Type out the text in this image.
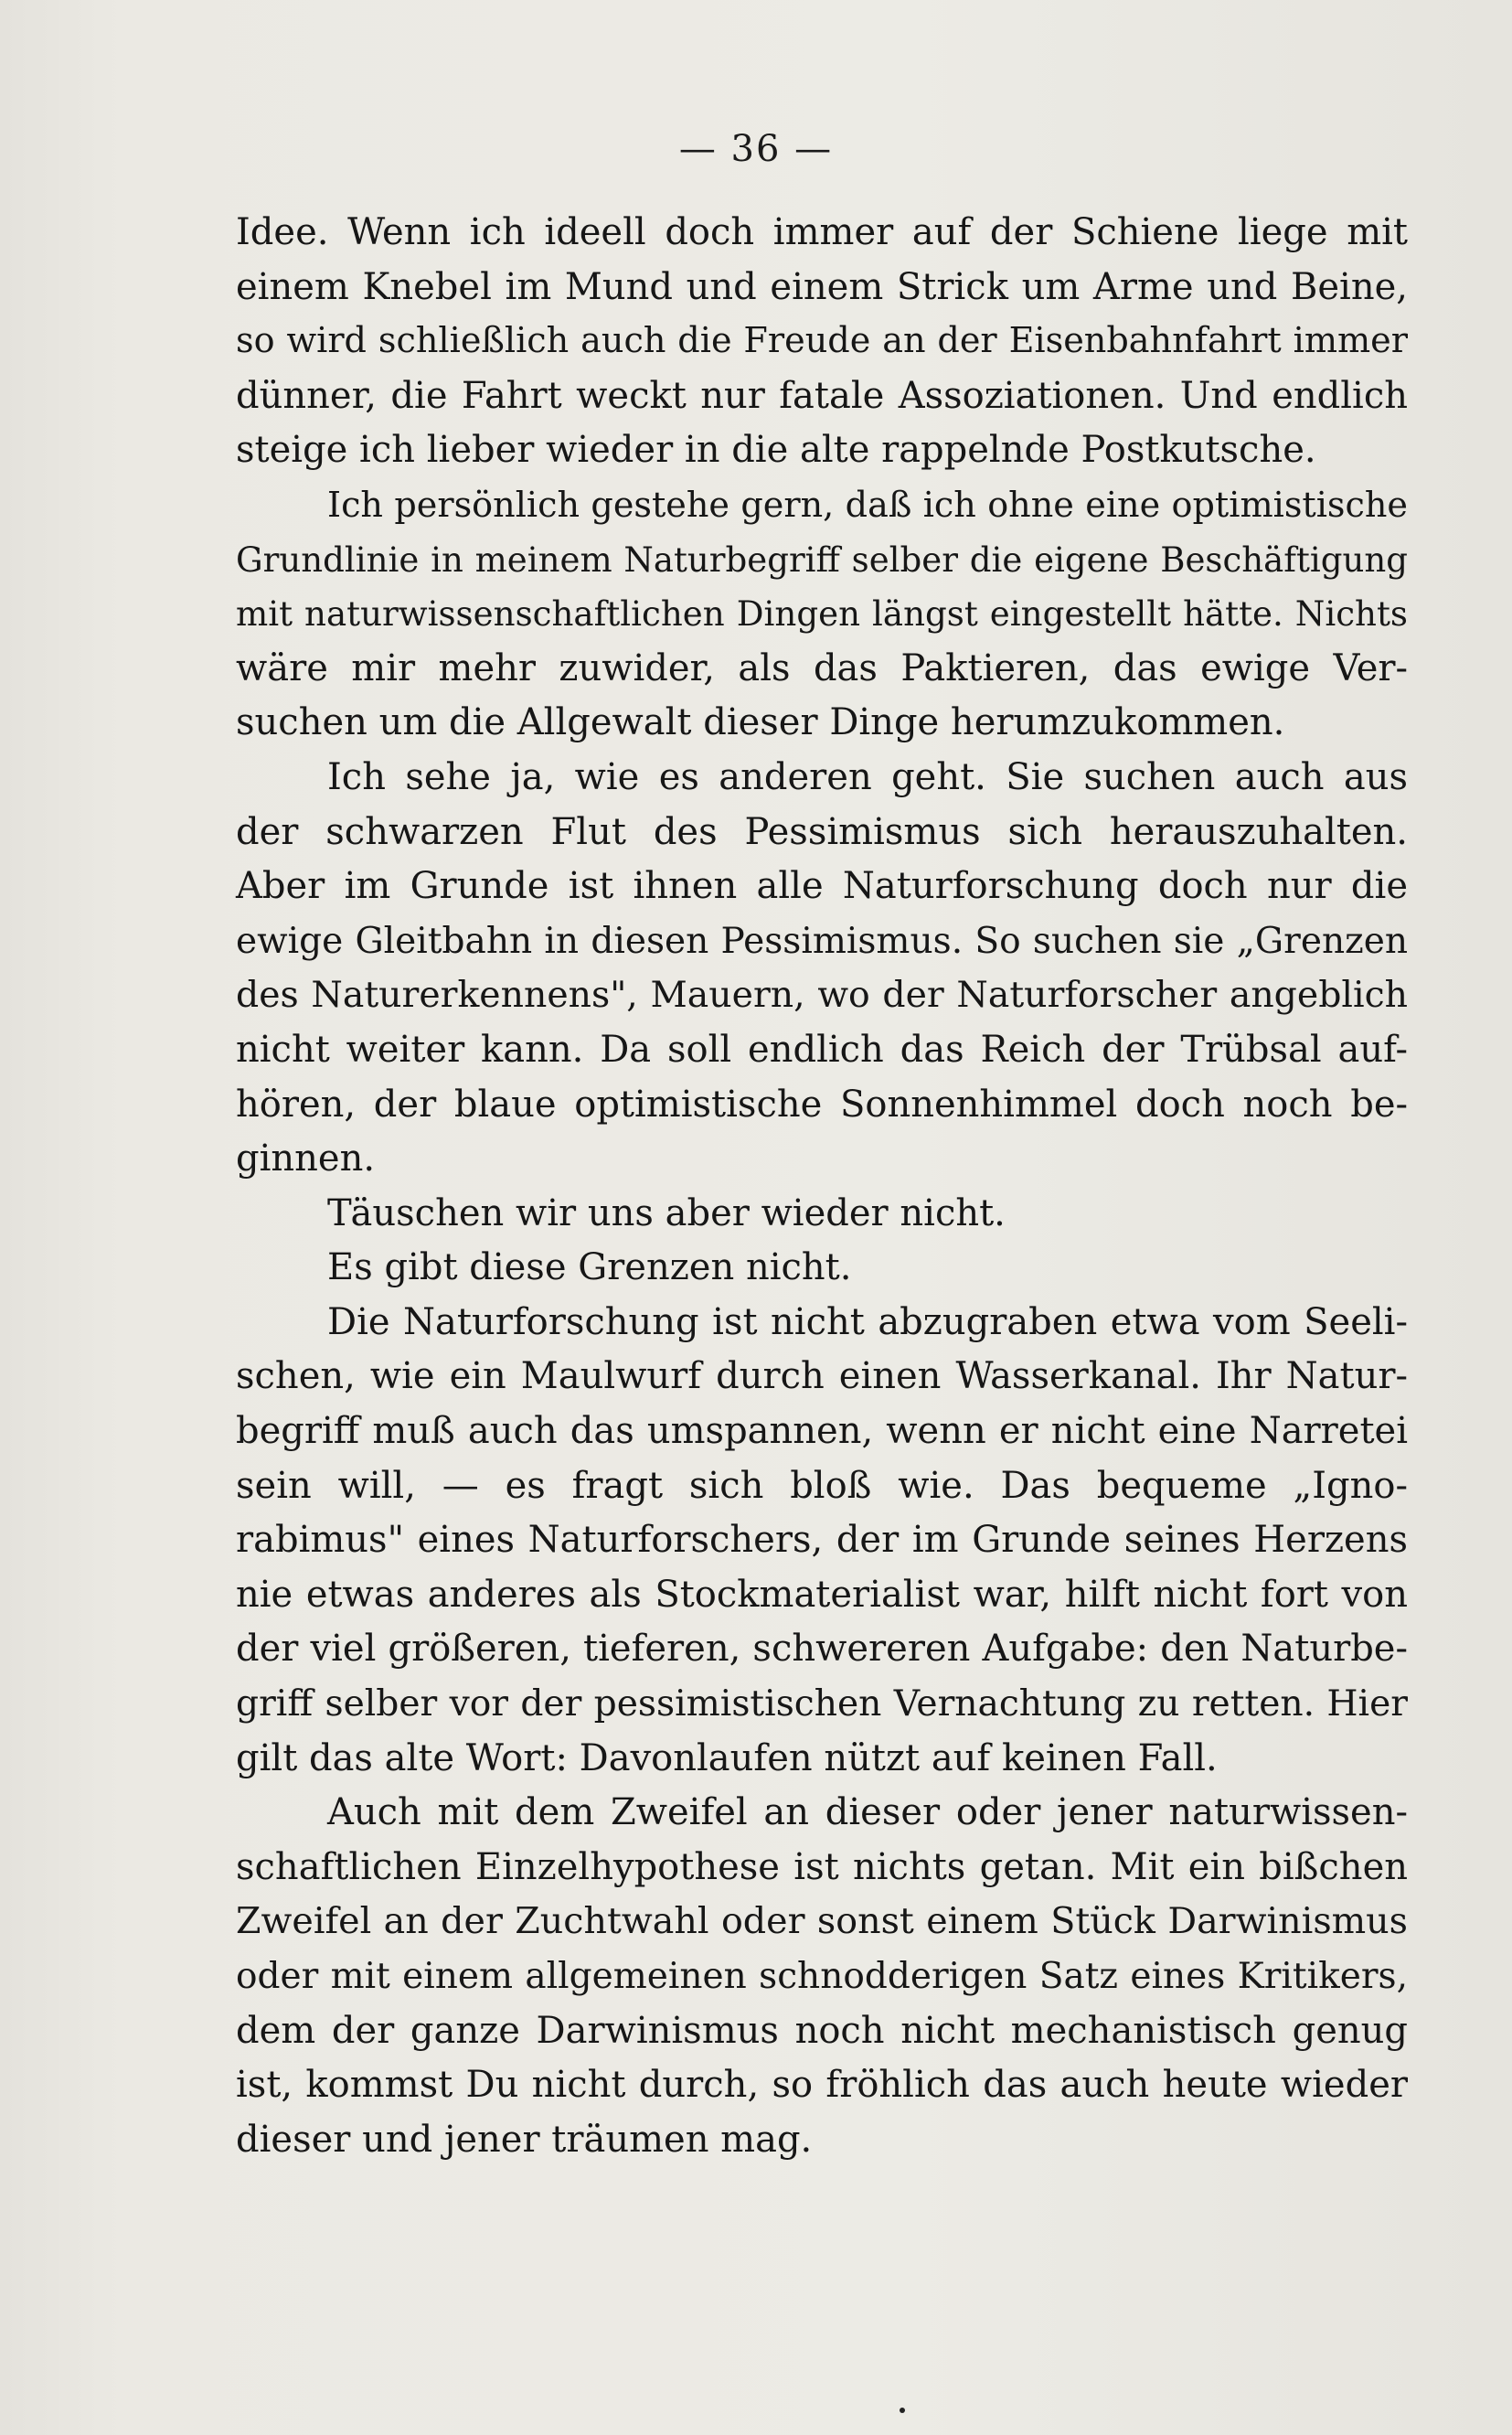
— 36 —
Idee. Wenn ich ideell doch immer auf der Schiene liege mit
einem Knebel im Mund und einem Strick um Arme und Beine,
so wird schließlich auch die Freude an der Eisenbahnfahrt immer
dünner, die Fahrt weckt nur fatale Assoziationen. Und endlich
steige ich lieber wieder in die alte rappelnde Postkutsche.
Ich persönlich gestehe gern, daß ich ohne eine optimistische
Grundlinie in meinem Naturbegriff selber die eigene Beschäftigung
mit naturwissenschaftlichen Dingen längst eingestellt hätte. Nichts
wäre mir mehr zuwider, als das Paktieren, das ewige Ver-
suchen um die Allgewalt dieser Dinge herumzukommen.
Ich sehe ja, wie es anderen geht. Sie suchen auch aus
der schwarzen Flut des Pessimismus sich herauszuhalten.
Aber im Grunde ist ihnen alle Naturforschung doch nur die
ewige Gleitbahn in diesen Pessimismus. So suchen sie „Grenzen
des Naturerkennens", Mauern, wo der Naturforscher angeblich
nicht weiter kann. Da soll endlich das Reich der Trübsal auf-
hören, der blaue optimistische Sonnenhimmel doch noch be-
ginnen.
Täuschen wir uns aber wieder nicht.
Es gibt diese Grenzen nicht.
Die Naturforschung ist nicht abzugraben etwa vom Seeli-
schen, wie ein Maulwurf durch einen Wasserkanal. Ihr Natur-
begriff muß auch das umspannen, wenn er nicht eine Narretei
sein will, — es fragt sich bloß wie. Das bequeme „Igno-
rabimus" eines Naturforschers, der im Grunde seines Herzens
nie etwas anderes als Stockmaterialist war, hilft nicht fort von
der viel größeren, tieferen, schwereren Aufgabe: den Naturbe-
griff selber vor der pessimistischen Vernachtung zu retten. Hier
gilt das alte Wort: Davonlaufen nützt auf keinen Fall.
Auch mit dem Zweifel an dieser oder jener naturwissen-
schaftlichen Einzelhypothese ist nichts getan. Mit ein bißchen
Zweifel an der Zuchtwahl oder sonst einem Stück Darwinismus
oder mit einem allgemeinen schnodderigen Satz eines Kritikers,
dem der ganze Darwinismus noch nicht mechanistisch genug
ist, kommst Du nicht durch, so fröhlich das auch heute wieder
dieser und jener träumen mag.
